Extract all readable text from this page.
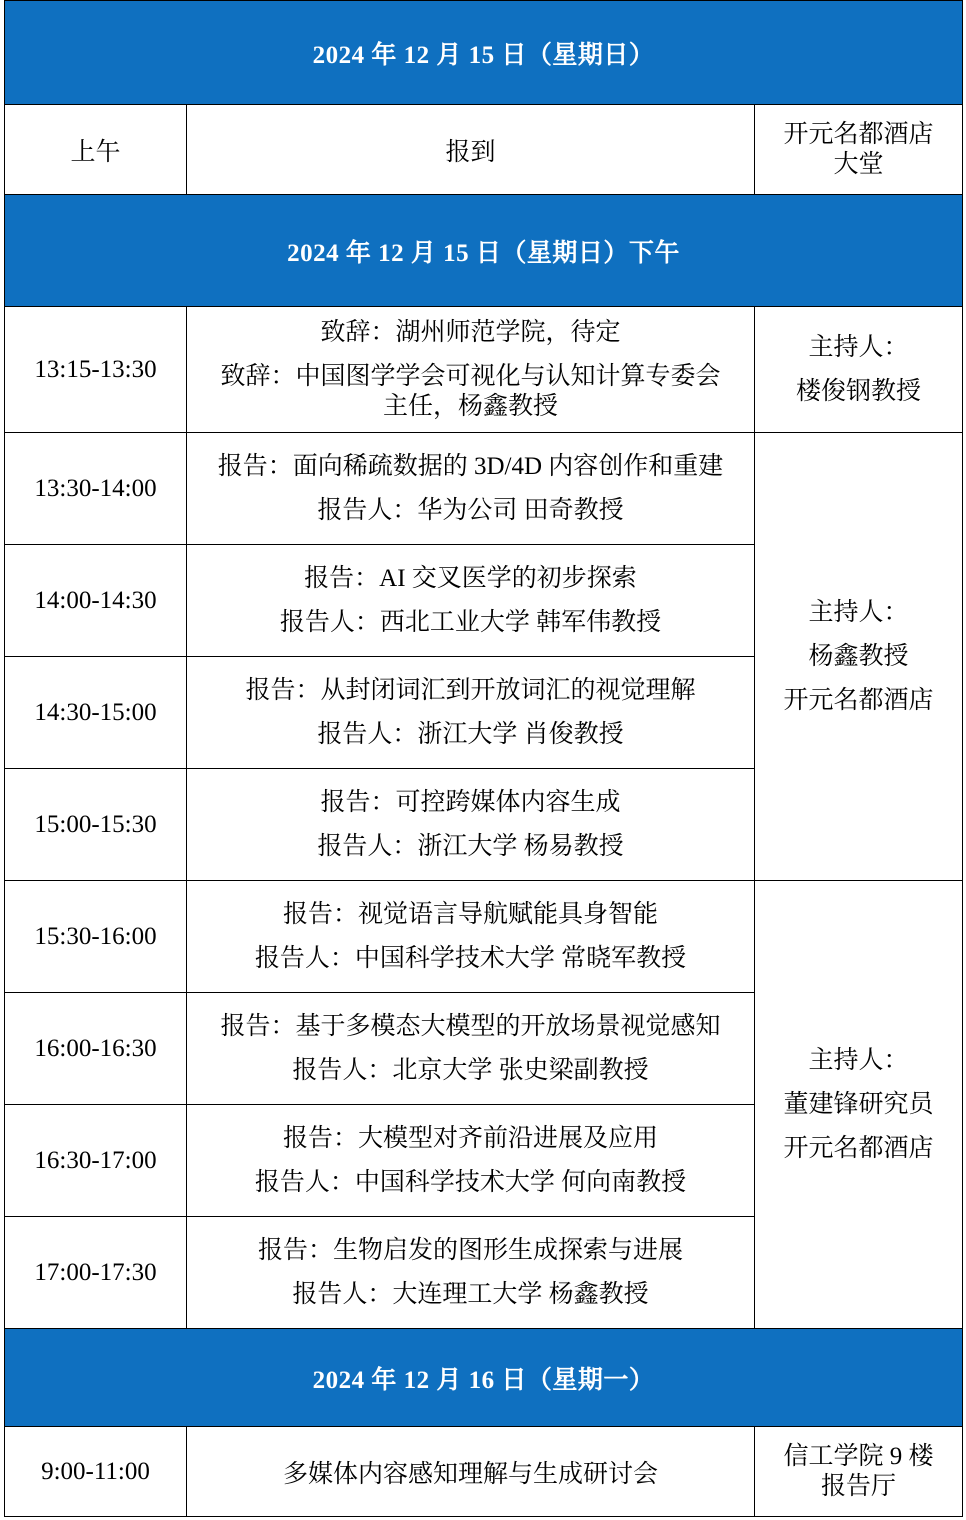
2024 年 12 月 15 日（星期日）		
上午	报到	开元名都酒店
大堂

2024 年 12 月 15 日（星期日）下午		
13:15-13:30	致辞：湖州师范学院，待定
致辞：中国图学学会可视化与认知计算专委会
主任，杨鑫教授	主持人：
楼俊钢教授

13:30-14:00	报告：面向稀疏数据的 3D/4D 内容创作和重建
报告人：华为公司 田奇教授	主持人：
杨鑫教授
开元名都酒店

14:00-14:30	报告：AI 交叉医学的初步探索
报告人：西北工业大学 韩军伟教授	

14:30-15:00	报告：从封闭词汇到开放词汇的视觉理解
报告人：浙江大学 肖俊教授	

15:00-15:30	报告：可控跨媒体内容生成
报告人：浙江大学 杨易教授	

15:30-16:00	报告：视觉语言导航赋能具身智能
报告人：中国科学技术大学 常晓军教授	主持人：
董建锋研究员
开元名都酒店

16:00-16:30	报告：基于多模态大模型的开放场景视觉感知
报告人：北京大学 张史梁副教授	

16:30-17:00	报告：大模型对齐前沿进展及应用
报告人：中国科学技术大学 何向南教授	

17:00-17:30	报告：生物启发的图形生成探索与进展
报告人：大连理工大学 杨鑫教授	

2024 年 12 月 16 日（星期一）		
9:00-11:00	多媒体内容感知理解与生成研讨会	信工学院 9 楼
报告厅
